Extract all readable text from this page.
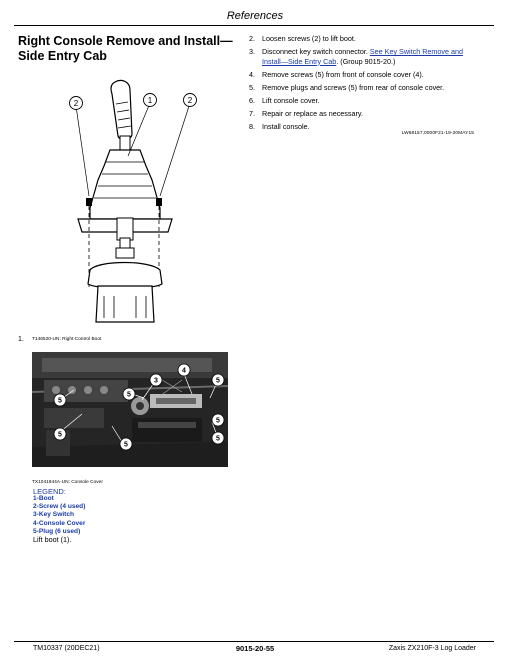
References
Right Console Remove and Install—Side Entry Cab
2. Loosen screws (2) to lift boot.
3. Disconnect key switch connector. See Key Switch Remove and Install—Side Entry Cab. (Group 9015-20.)
4. Remove screws (5) from front of console cover (4).
5. Remove plugs and screws (5) from rear of console cover.
6. Lift console cover.
7. Repair or replace as necessary.
8. Install console.
LW68157,0000F21-19-20MAY15
2	1	2
1. T146520-UN: Right Control Boot
3
4
5
5
5
5
5
5
5
TX1041944A-UN: Console Cover
LEGEND:
1-Boot
2-Screw (4 used)
3-Key Switch
4-Console Cover
5-Plug (6 used)
Lift boot (1).
TM10337 (20DEC21)	9015-20-55	Zaxis ZX210F-3 Log Loader
